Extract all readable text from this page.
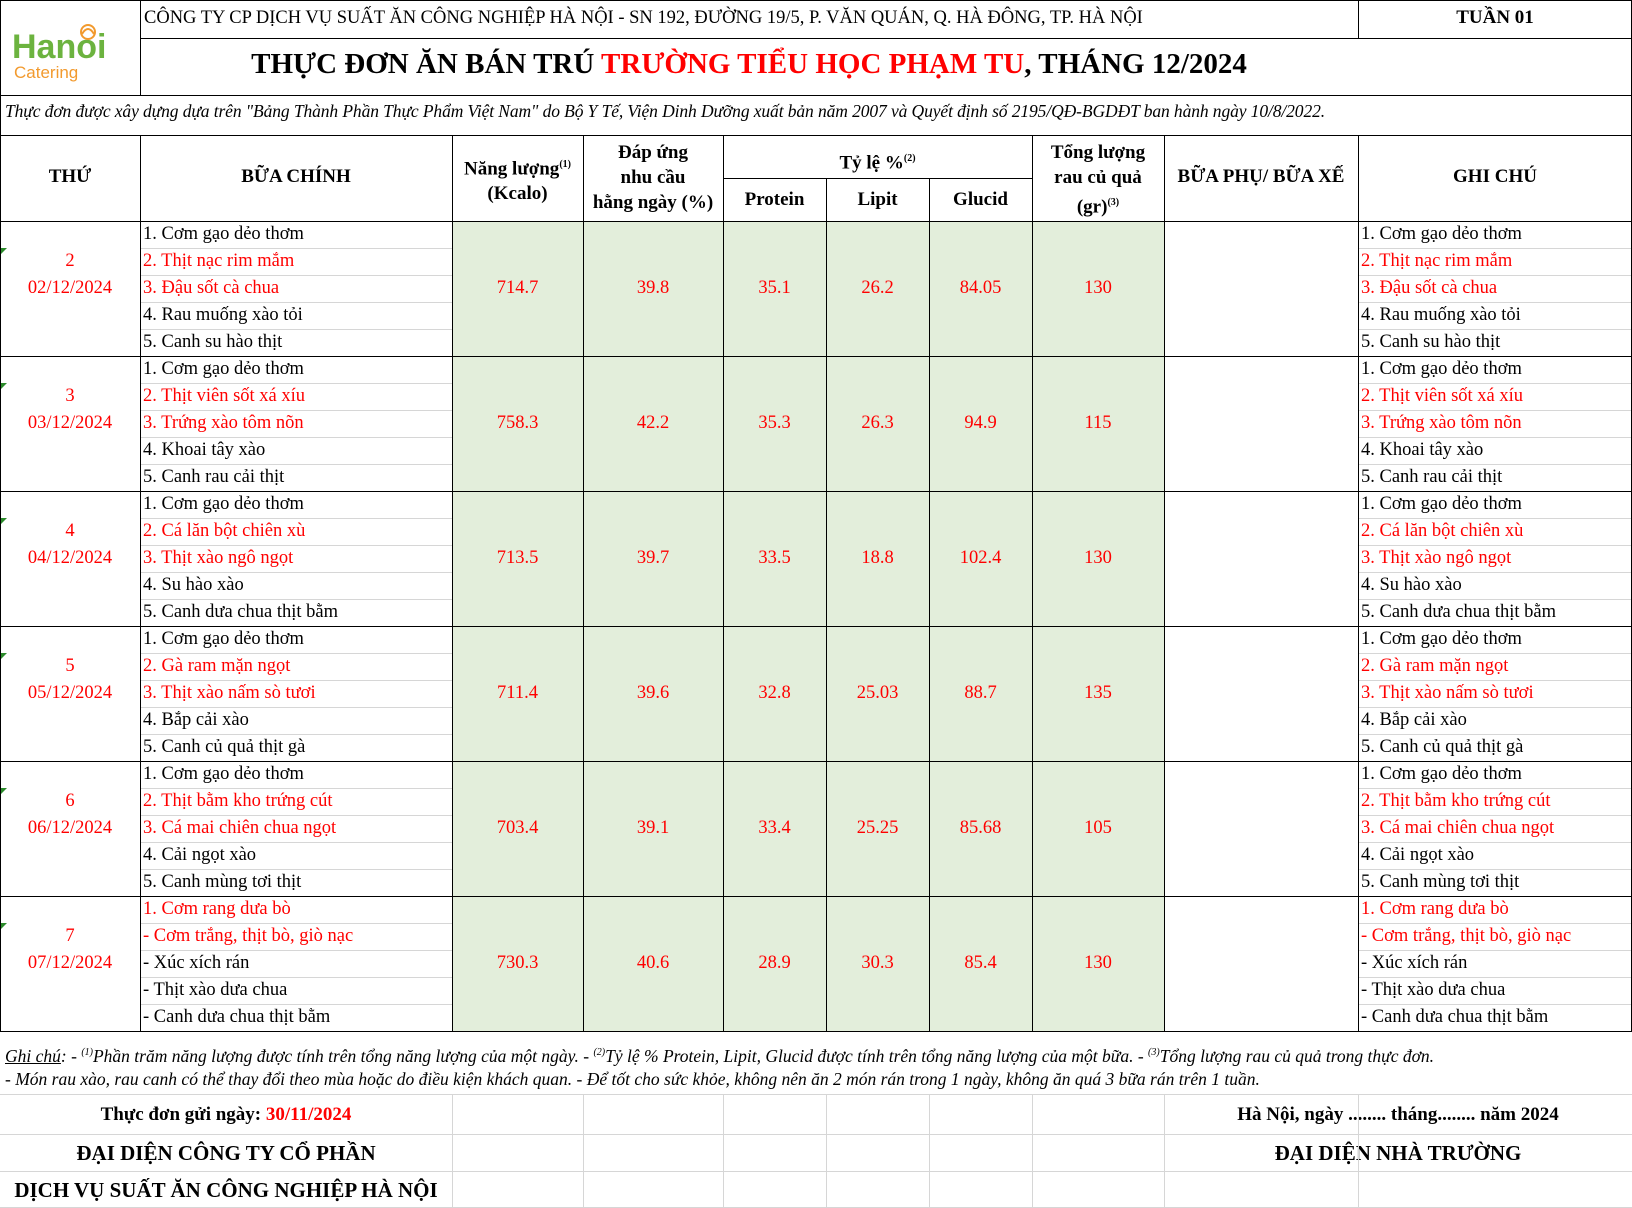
Hanoi
Catering
CÔNG TY CP DỊCH VỤ SUẤT ĂN CÔNG NGHIỆP HÀ NỘI - SN 192, ĐƯỜNG 19/5, P. VĂN QUÁN, Q. HÀ ĐÔNG, TP. HÀ NỘI	TUẦN 01
THỰC ĐƠN ĂN BÁN TRÚ TRƯỜNG TIỂU HỌC PHẠM TU, THÁNG 12/2024
Thực đơn được xây dựng dựa trên "Bảng Thành Phần Thực Phẩm Việt Nam" do Bộ Y Tế, Viện Dinh Dưỡng xuất bản năm 2007 và Quyết định số 2195/QĐ-BGDĐT ban hành ngày 10/8/2022.
THỨ	BỮA CHÍNH	Năng lượng$^{(1)}$
(Kcalo)
Đáp ứng
nhu cầu
hằng ngày (%)
Tỷ lệ %$^{(2)}$
Protein	Lipit	Glucid
Tổng lượng
rau củ quả
(gr)$^{(3)}$
BỮA PHỤ/ BỮA XẾ	GHI CHÚ
2
02/12/2024
1. Cơm gạo dẻo thơm	1. Cơm gạo dẻo thơm
2. Thịt nạc rim mắm	2. Thịt nạc rim mắm
3. Đậu sốt cà chua	3. Đậu sốt cà chua
4. Rau muống xào tỏi	4. Rau muống xào tỏi
5. Canh su hào thịt	5. Canh su hào thịt
714.7	39.8	35.1	26.2	84.05	130
3
03/12/2024
1. Cơm gạo dẻo thơm	1. Cơm gạo dẻo thơm
2. Thịt viên sốt xá xíu	2. Thịt viên sốt xá xíu
3. Trứng xào tôm nõn	3. Trứng xào tôm nõn
4. Khoai tây xào	4. Khoai tây xào
5. Canh rau cải thịt	5. Canh rau cải thịt
758.3	42.2	35.3	26.3	94.9	115
4
04/12/2024
1. Cơm gạo dẻo thơm	1. Cơm gạo dẻo thơm
2. Cá lăn bột chiên xù	2. Cá lăn bột chiên xù
3. Thịt xào ngô ngọt	3. Thịt xào ngô ngọt
4. Su hào xào	4. Su hào xào
5. Canh dưa chua thịt bằm	5. Canh dưa chua thịt bằm
713.5	39.7	33.5	18.8	102.4	130
5
05/12/2024
1. Cơm gạo dẻo thơm	1. Cơm gạo dẻo thơm
2. Gà ram mặn ngọt	2. Gà ram mặn ngọt
3. Thịt xào nấm sò tươi	3. Thịt xào nấm sò tươi
4. Bắp cải xào	4. Bắp cải xào
5. Canh củ quả thịt gà	5. Canh củ quả thịt gà
711.4	39.6	32.8	25.03	88.7	135
6
06/12/2024
1. Cơm gạo dẻo thơm	1. Cơm gạo dẻo thơm
2. Thịt bằm kho trứng cút	2. Thịt bằm kho trứng cút
3. Cá mai chiên chua ngọt	3. Cá mai chiên chua ngọt
4. Cải ngọt xào	4. Cải ngọt xào
5. Canh mùng tơi thịt	5. Canh mùng tơi thịt
703.4	39.1	33.4	25.25	85.68	105
7
07/12/2024
1. Cơm rang dưa bò	1. Cơm rang dưa bò
- Cơm trắng, thịt bò, giò nạc	- Cơm trắng, thịt bò, giò nạc
- Xúc xích rán	- Xúc xích rán
- Thịt xào dưa chua	- Thịt xào dưa chua
- Canh dưa chua thịt bằm	- Canh dưa chua thịt bằm
730.3	40.6	28.9	30.3	85.4	130
Ghi chú: - $^{(1)}$Phần trăm năng lượng được tính trên tổng năng lượng của một ngày. - $^{(2)}$Tỷ lệ % Protein, Lipit, Glucid được tính trên tổng năng lượng của một bữa. - $^{(3)}$Tổng lượng rau củ quả trong thực đơn.
- Món rau xào, rau canh có thể thay đổi theo mùa hoặc do điều kiện khách quan. - Để tốt cho sức khỏe, không nên ăn 2 món rán trong 1 ngày, không ăn quá 3 bữa rán trên 1 tuần.
Thực đơn gửi ngày: 30/11/2024	Hà Nội, ngày ........ tháng........ năm 2024
ĐẠI DIỆN CÔNG TY CỔ PHẦN
DỊCH VỤ SUẤT ĂN CÔNG NGHIỆP HÀ NỘI
ĐẠI DIỆN NHÀ TRƯỜNG
